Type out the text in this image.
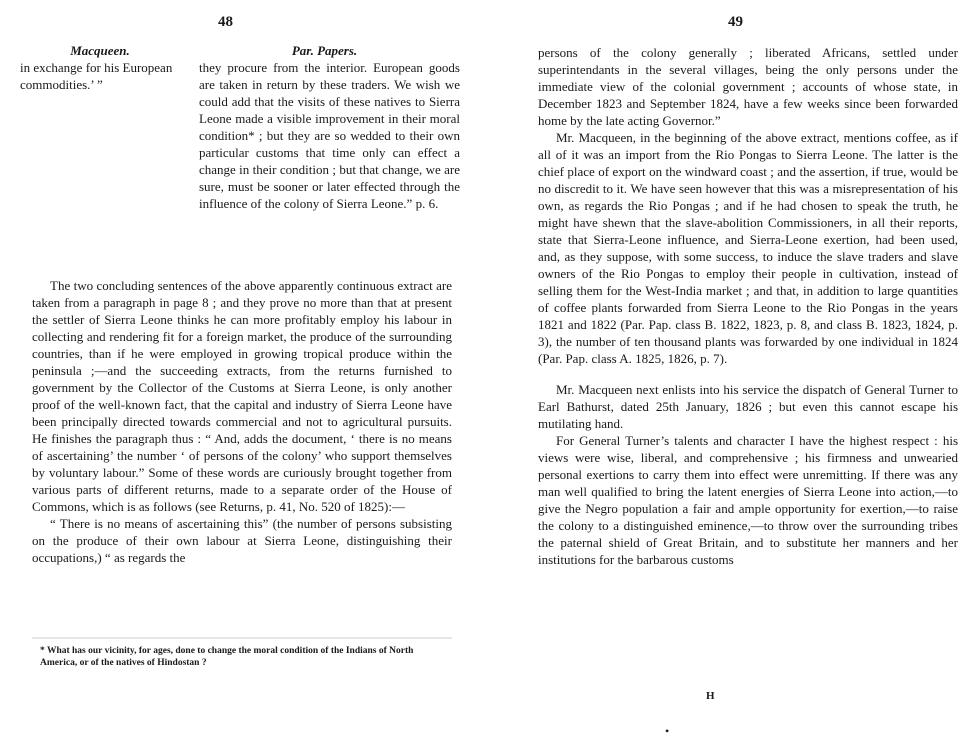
48
Macqueen.
in exchange for his European commodities.’ ”
Par. Papers.

they procure from the interior. European goods are taken in return by these traders. We wish we could add that the visits of these natives to Sierra Leone made a visible improvement in their moral condition* ; but they are so wedded to their own particular customs that time only can effect a change in their condition ; but that change, we are sure, must be sooner or later effected through the influence of the colony of Sierra Leone.” p. 6.

The two concluding sentences of the above apparently continuous extract are taken from a paragraph in page 8 ; and they prove no more than that at present the settler of Sierra Leone thinks he can more profitably employ his labour in collecting and rendering fit for a foreign market, the produce of the surrounding countries, than if he were employed in growing tropical produce within the peninsula ;—and the succeeding extracts, from the returns furnished to government by the Collector of the Customs at Sierra Leone, is only another proof of the well-known fact, that the capital and industry of Sierra Leone have been principally directed towards commercial and not to agricultural pursuits. He finishes the paragraph thus : “ And, adds the document, ‘ there is no means of ascertaining’ the number ‘ of persons of the colony’ who support themselves by voluntary labour.” Some of these words are curiously brought together from various parts of different returns, made to a separate order of the House of Commons, which is as follows (see Returns, p. 41, No. 520 of 1825):—

“ There is no means of ascertaining this” (the number of persons subsisting on the produce of their own labour at Sierra Leone, distinguishing their occupations,) “ as regards the

* What has our vicinity, for ages, done to change the moral condition of the Indians of North America, or of the natives of Hindostan ?
49

persons of the colony generally ; liberated Africans, settled under superintendants in the several villages, being the only persons under the immediate view of the colonial government ; accounts of whose state, in December 1823 and September 1824, have a few weeks since been forwarded home by the late acting Governor.”

Mr. Macqueen, in the beginning of the above extract, mentions coffee, as if all of it was an import from the Rio Pongas to Sierra Leone. The latter is the chief place of export on the windward coast ; and the assertion, if true, would be no discredit to it. We have seen however that this was a misrepresentation of his own, as regards the Rio Pongas ; and if he had chosen to speak the truth, he might have shewn that the slave-abolition Commissioners, in all their reports, state that Sierra-Leone influence, and Sierra-Leone exertion, had been used, and, as they suppose, with some success, to induce the slave traders and slave owners of the Rio Pongas to employ their people in cultivation, instead of selling them for the West-India market ; and that, in addition to large quantities of coffee plants forwarded from Sierra Leone to the Rio Pongas in the years 1821 and 1822 (Par. Pap. class B. 1822, 1823, p. 8, and class B. 1823, 1824, p. 3), the number of ten thousand plants was forwarded by one individual in 1824 (Par. Pap. class A. 1825, 1826, p. 7).

Mr. Macqueen next enlists into his service the dispatch of General Turner to Earl Bathurst, dated 25th January, 1826 ; but even this cannot escape his mutilating hand.

For General Turner’s talents and character I have the highest respect : his views were wise, liberal, and comprehensive ; his firmness and unwearied personal exertions to carry them into effect were unremitting. If there was any man well qualified to bring the latent energies of Sierra Leone into action,—to give the Negro population a fair and ample opportunity for exertion,—to raise the colony to a distinguished eminence,—to throw over the surrounding tribes the paternal shield of Great Britain, and to substitute her manners and her institutions for the barbarous customs

H
•
